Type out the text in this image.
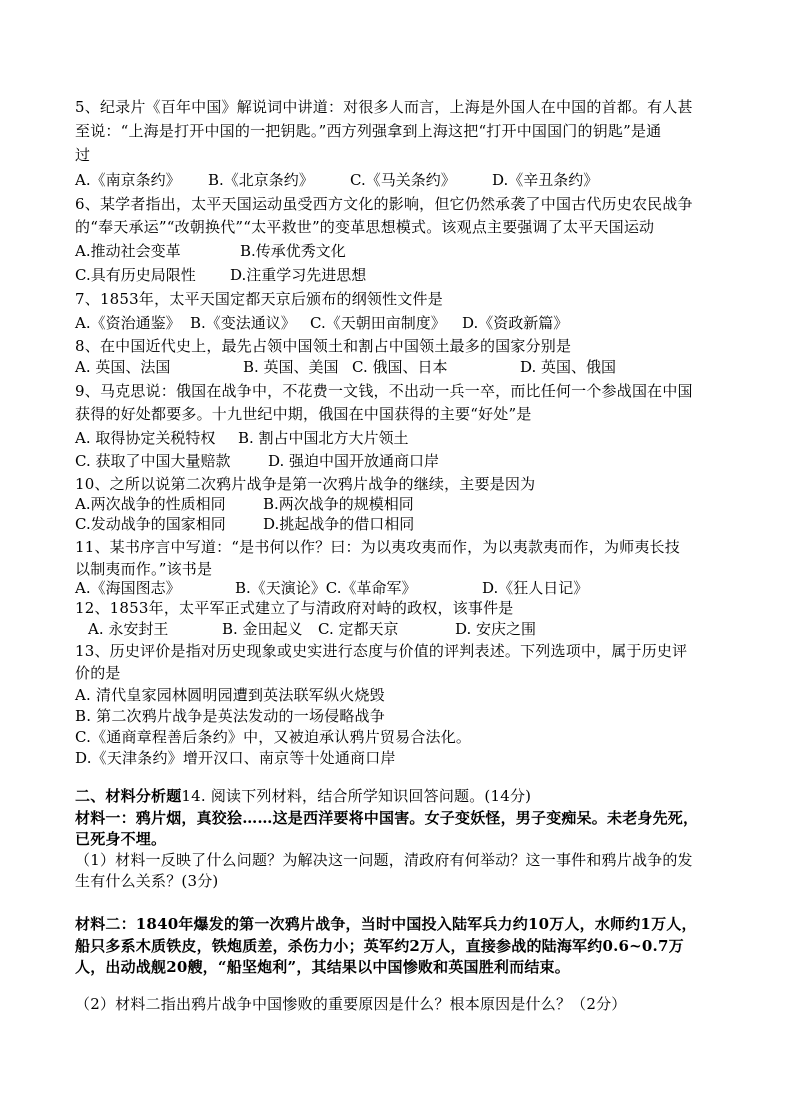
5、纪录片《百年中国》解说词中讲道：对很多人而言，上海是外国人在中国的首都。有人甚
至说：“上海是打开中国的一把钥匙。”西方列强拿到上海这把“打开中国国门的钥匙”是通
过
A.《南京条约》 B.《北京条约》 C.《马关条约》 D.《辛丑条约》
6、某学者指出，太平天国运动虽受西方文化的影响，但它仍然承袭了中国古代历史农民战争
的“奉天承运”“改朝换代”“太平救世”的变革思想模式。该观点主要强调了太平天国运动
A.推动社会变革	B.传承优秀文化
C.具有历史局限性 D.注重学习先进思想
7、1853年，太平天国定都天京后颁布的纲领性文件是
A.《资治通鉴》 B.《变法通议》 C.《天朝田亩制度》 D.《资政新篇》
8、在中国近代史上，最先占领中国领土和割占中国领土最多的国家分别是
A. 英国、法国	B. 英国、美国 C. 俄国、日本	D. 英国、俄国
9、马克思说：俄国在战争中，不花费一文钱，不出动一兵一卒，而比任何一个参战国在中国
获得的好处都要多。十九世纪中期，俄国在中国获得的主要“好处”是
A. 取得协定关税特权 B. 割占中国北方大片领土
C. 获取了中国大量赔款	D. 强迫中国开放通商口岸
10、之所以说第二次鸦片战争是第一次鸦片战争的继续，主要是因为
A.两次战争的性质相同 B.两次战争的规模相同
C.发动战争的国家相同 D.挑起战争的借口相同
11、某书序言中写道：“是书何以作？曰：为以夷攻夷而作，为以夷款夷而作，为师夷长技
以制夷而作。”该书是
A.《海国图志》	B.《天演论》C.《革命军》	D.《狂人日记》
12、1853年，太平军正式建立了与清政府对峙的政权，该事件是
A. 永安封王	B. 金田起义 C. 定都天京	D. 安庆之围
13、历史评价是指对历史现象或史实进行态度与价值的评判表述。下列选项中，属于历史评
价的是
A. 清代皇家园林圆明园遭到英法联军纵火烧毁
B. 第二次鸦片战争是英法发动的一场侵略战争
C.《通商章程善后条约》中，又被迫承认鸦片贸易合法化。
D.《天津条约》增开汉口、南京等十处通商口岸
二、材料分析题14. 阅读下列材料，结合所学知识回答问题。(14分)
材料一：鸦片烟，真狡狯……这是西洋要将中国害。女子变妖怪，男子变痴呆。未老身先死，
已死身不埋。
（1）材料一反映了什么问题？为解决这一问题，清政府有何举动？这一事件和鸦片战争的发
生有什么关系？(3分)
材料二：1840年爆发的第一次鸦片战争，当时中国投入陆军兵力约10万人，水师约1万人，
船只多系木质铁皮，铁炮质差，杀伤力小；英军约2万人，直接参战的陆海军约0.6~0.7万
人，出动战舰20艘，“船坚炮利”，其结果以中国惨败和英国胜利而结束。
（2）材料二指出鸦片战争中国惨败的重要原因是什么？根本原因是什么？（2分）
